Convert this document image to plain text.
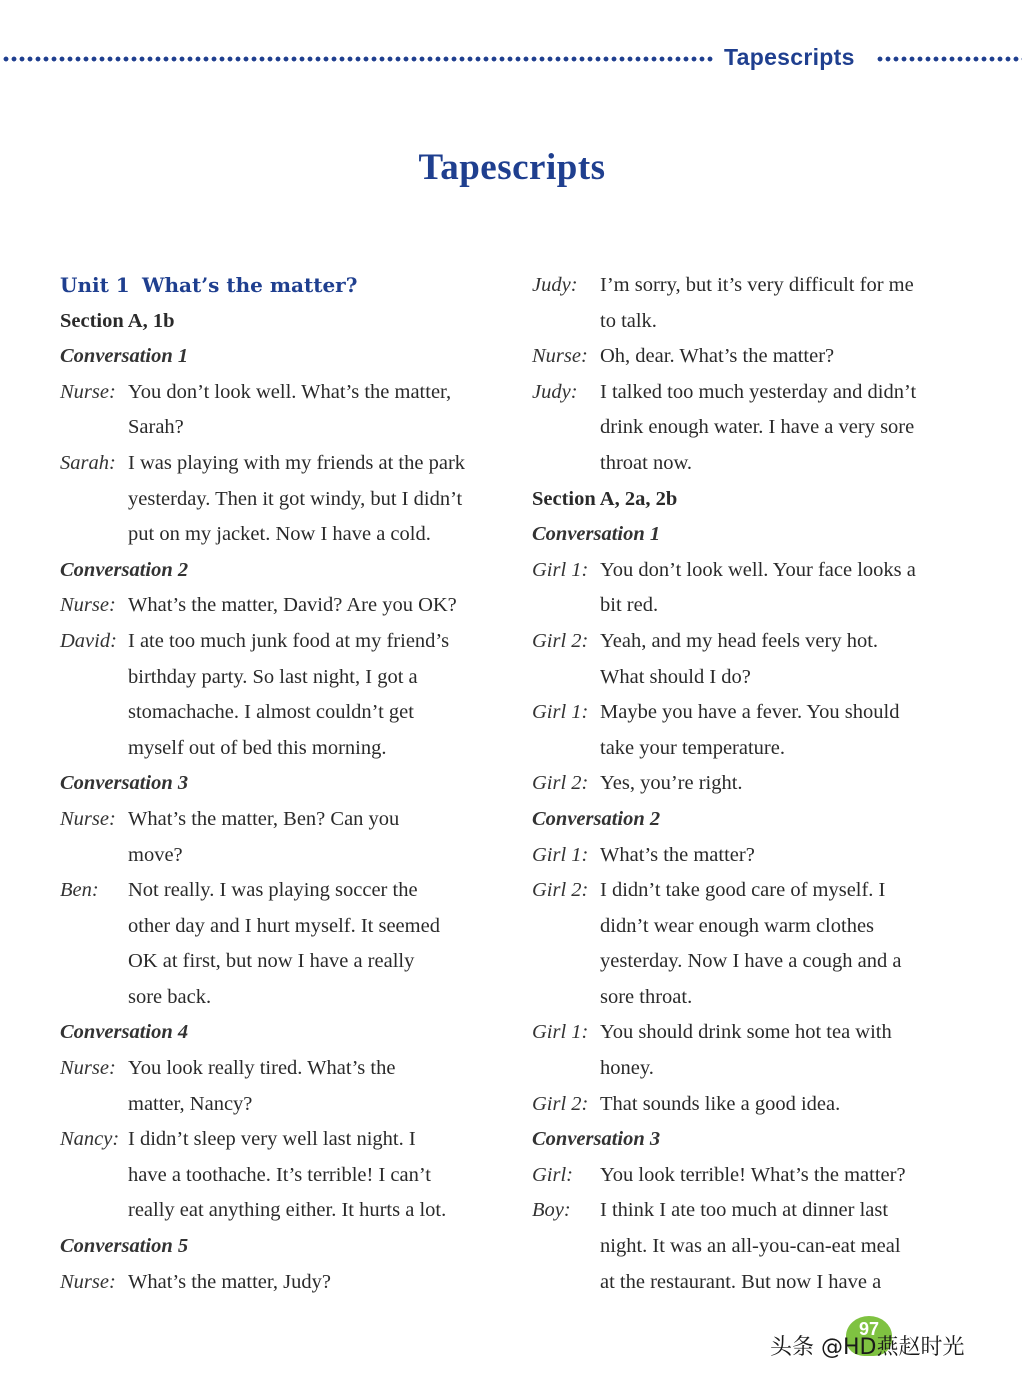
Tapescripts
Tapescripts
Unit 1 What’s the matter?
Section A, 1b
Conversation 1
Nurse: You don’t look well. What’s the matter,
Sarah?
Sarah: I was playing with my friends at the park
yesterday. Then it got windy, but I didn’t
put on my jacket. Now I have a cold.
Conversation 2
Nurse: What’s the matter, David? Are you OK?
David: I ate too much junk food at my friend’s
birthday party. So last night, I got a
stomachache. I almost couldn’t get
myself out of bed this morning.
Conversation 3
Nurse: What’s the matter, Ben? Can you
move?
Ben: Not really. I was playing soccer the
other day and I hurt myself. It seemed
OK at first, but now I have a really
sore back.
Conversation 4
Nurse: You look really tired. What’s the
matter, Nancy?
Nancy: I didn’t sleep very well last night. I
have a toothache. It’s terrible! I can’t
really eat anything either. It hurts a lot.
Conversation 5
Nurse: What’s the matter, Judy?
Judy: I’m sorry, but it’s very difficult for me
to talk.
Nurse: Oh, dear. What’s the matter?
Judy: I talked too much yesterday and didn’t
drink enough water. I have a very sore
throat now.
Section A, 2a, 2b
Conversation 1
Girl 1: You don’t look well. Your face looks a
bit red.
Girl 2: Yeah, and my head feels very hot.
What should I do?
Girl 1: Maybe you have a fever. You should
take your temperature.
Girl 2: Yes, you’re right.
Conversation 2
Girl 1: What’s the matter?
Girl 2: I didn’t take good care of myself. I
didn’t wear enough warm clothes
yesterday. Now I have a cough and a
sore throat.
Girl 1: You should drink some hot tea with
honey.
Girl 2: That sounds like a good idea.
Conversation 3
Girl: You look terrible! What’s the matter?
Boy: I think I ate too much at dinner last
night. It was an all-you-can-eat meal
at the restaurant. But now I have a
97
头条 @HD燕赵时光
